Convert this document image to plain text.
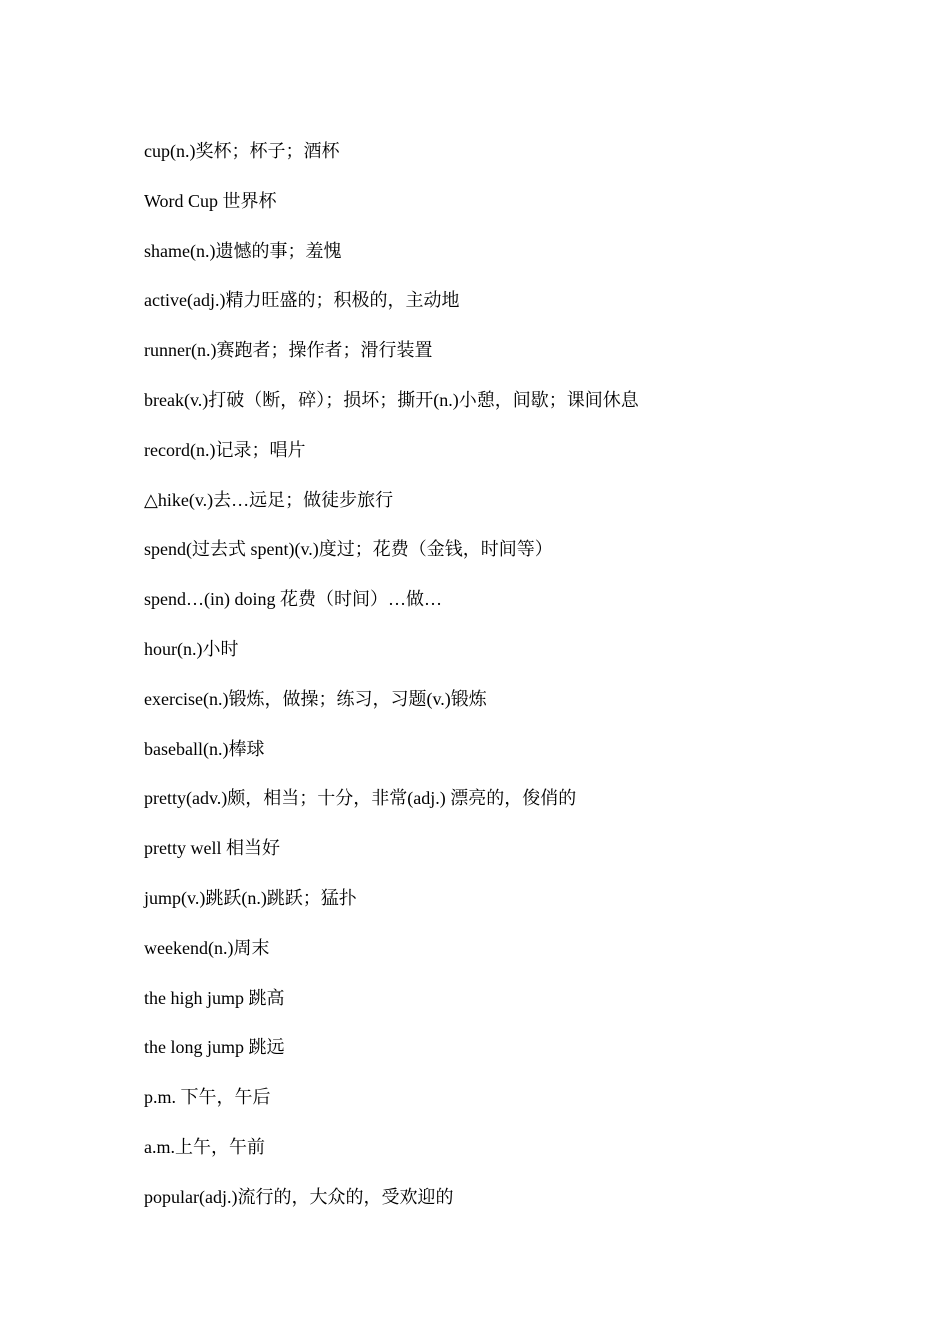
cup(n.)奖杯；杯子；酒杯
Word Cup 世界杯
shame(n.)遗憾的事；羞愧
active(adj.)精力旺盛的；积极的，主动地
runner(n.)赛跑者；操作者；滑行装置
break(v.)打破（断，碎）；损坏；撕开(n.)小憩，间歇；课间休息
record(n.)记录；唱片
△hike(v.)去…远足；做徒步旅行
spend(过去式 spent)(v.)度过；花费（金钱，时间等）
spend…(in) doing 花费（时间）…做…
hour(n.)小时
exercise(n.)锻炼，做操；练习，习题(v.)锻炼
baseball(n.)棒球
pretty(adv.)颇，相当；十分，非常(adj.) 漂亮的，俊俏的
pretty well 相当好
jump(v.)跳跃(n.)跳跃；猛扑
weekend(n.)周末
the high jump 跳高
the long jump 跳远
p.m. 下午，午后
a.m.上午，午前
popular(adj.)流行的，大众的，受欢迎的
